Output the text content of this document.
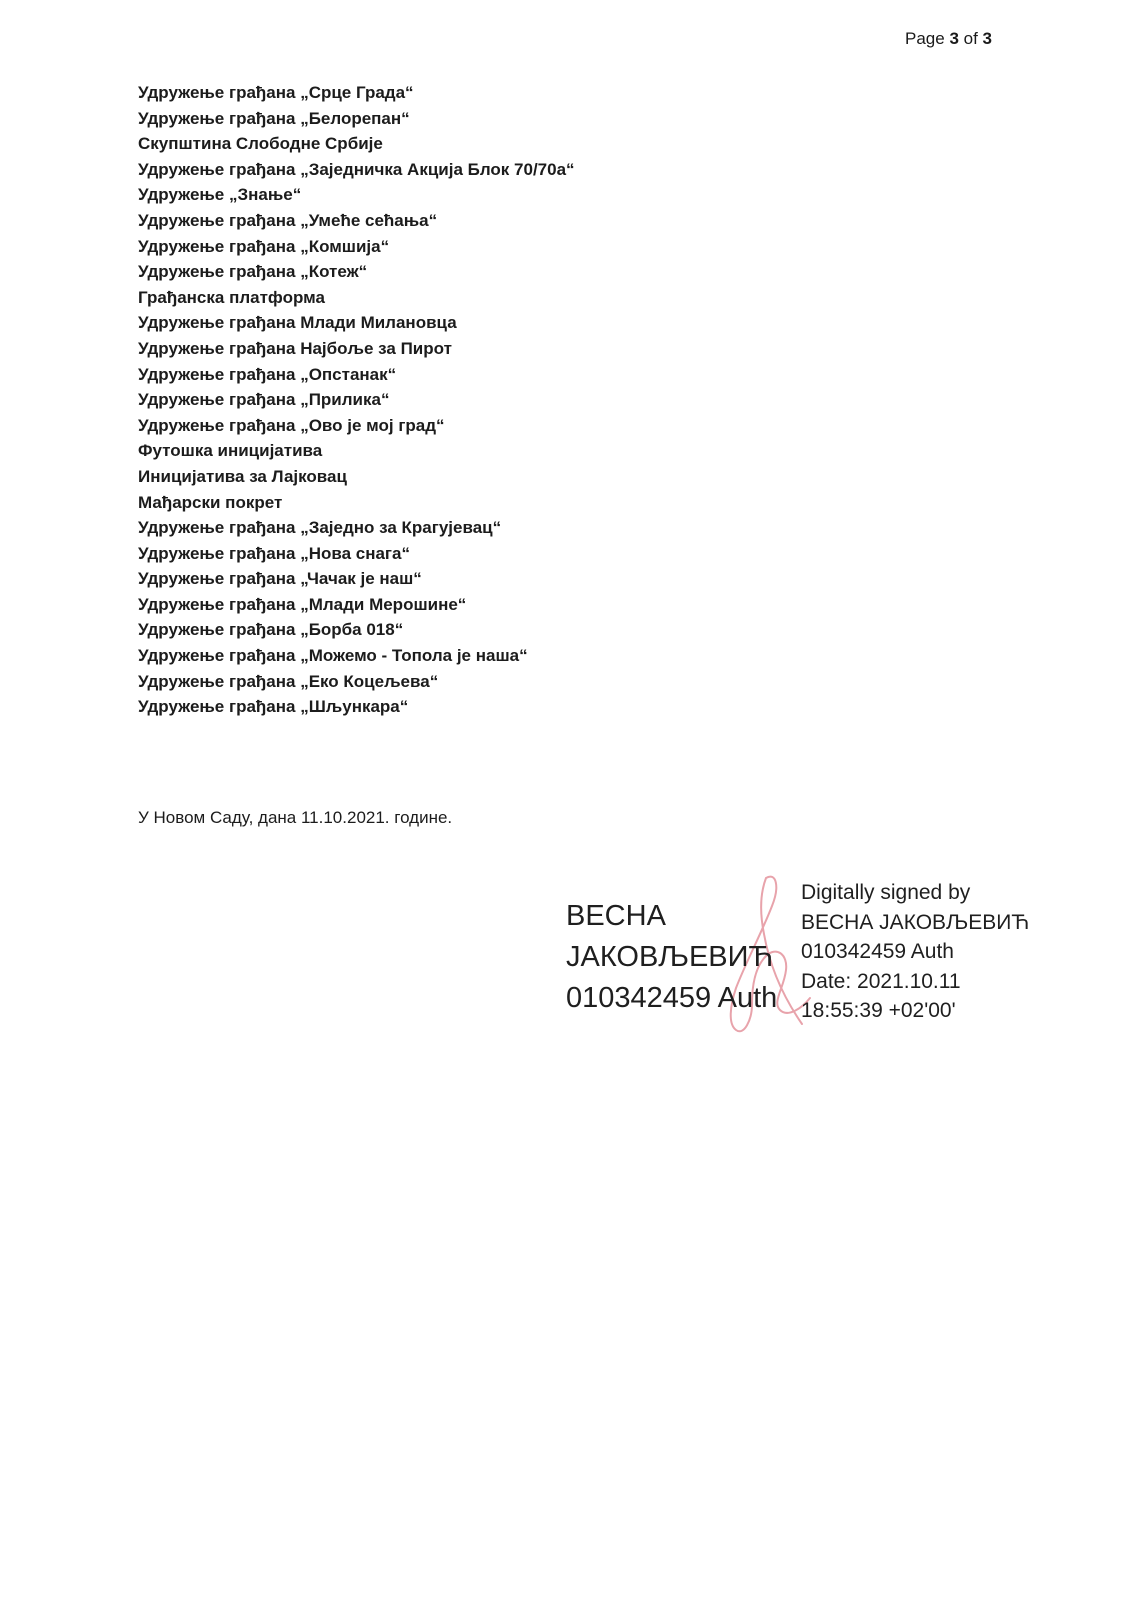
Page 3 of 3
Удружење грађана „Срце Града“
Удружење грађана „Белорепан“
Скупштина Слободне Србије
Удружење грађана „Заједничка Акција Блок 70/70а“
Удружење „Знање“
Удружење грађана „Умеће сећања“
Удружење грађана „Комшија“
Удружење грађана „Котеж“
Грађанска платформа
Удружење грађана Млади Милановца
Удружење грађана Најбоље за Пирот
Удружење грађана „Опстанак“
Удружење грађана „Прилика“
Удружење грађана „Ово је мој град“
Футошка иницијатива
Иницијатива за Лајковац
Мађарски покрет
Удружење грађана „Заједно за Крагујевац“
Удружење грађана „Нова снага“
Удружење грађана „Чачак је наш“
Удружење грађана „Млади Мерошине“
Удружење грађана „Борба 018“
Удружење грађана „Можемо - Топола је наша“
Удружење грађана „Еко Коцељева“
Удружење грађана „Шљункара“
У Новом Саду, дана 11.10.2021. године.
ВЕСНА
ЈАКОВЉЕВИЋ
010342459 Auth
Digitally signed by
ВЕСНА ЈАКОВЉЕВИЋ
010342459 Auth
Date: 2021.10.11
18:55:39 +02'00'
